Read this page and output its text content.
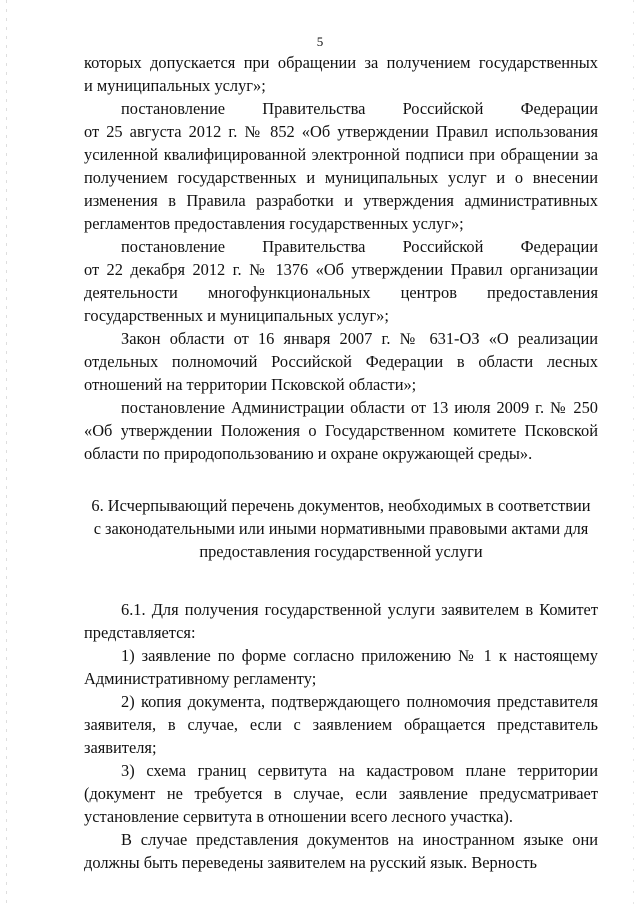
5
которых допускается при обращении за получением государственных
и муниципальных услуг»;
постановление Правительства Российской Федерации
от 25 августа 2012 г. № 852 «Об утверждении Правил использования
усиленной квалифицированной электронной подписи при обращении за
получением государственных и муниципальных услуг и о внесении
изменения в Правила разработки и утверждения административных
регламентов предоставления государственных услуг»;
постановление Правительства Российской Федерации
от 22 декабря 2012 г. № 1376 «Об утверждении Правил организации
деятельности многофункциональных центров предоставления
государственных и муниципальных услуг»;
Закон области от 16 января 2007 г. № 631-ОЗ «О реализации
отдельных полномочий Российской Федерации в области лесных
отношений на территории Псковской области»;
постановление Администрации области от 13 июля 2009 г. № 250
«Об утверждении Положения о Государственном комитете Псковской
области по природопользованию и охране окружающей среды».
6. Исчерпывающий перечень документов, необходимых в соответствии
с законодательными или иными нормативными правовыми актами для
предоставления государственной услуги
6.1. Для получения государственной услуги заявителем в Комитет
представляется:
1) заявление по форме согласно приложению № 1 к настоящему
Административному регламенту;
2) копия документа, подтверждающего полномочия представителя
заявителя, в случае, если с заявлением обращается представитель
заявителя;
3) схема границ сервитута на кадастровом плане территории
(документ не требуется в случае, если заявление предусматривает
установление сервитута в отношении всего лесного участка).
В случае представления документов на иностранном языке они
должны быть переведены заявителем на русский язык. Верность
